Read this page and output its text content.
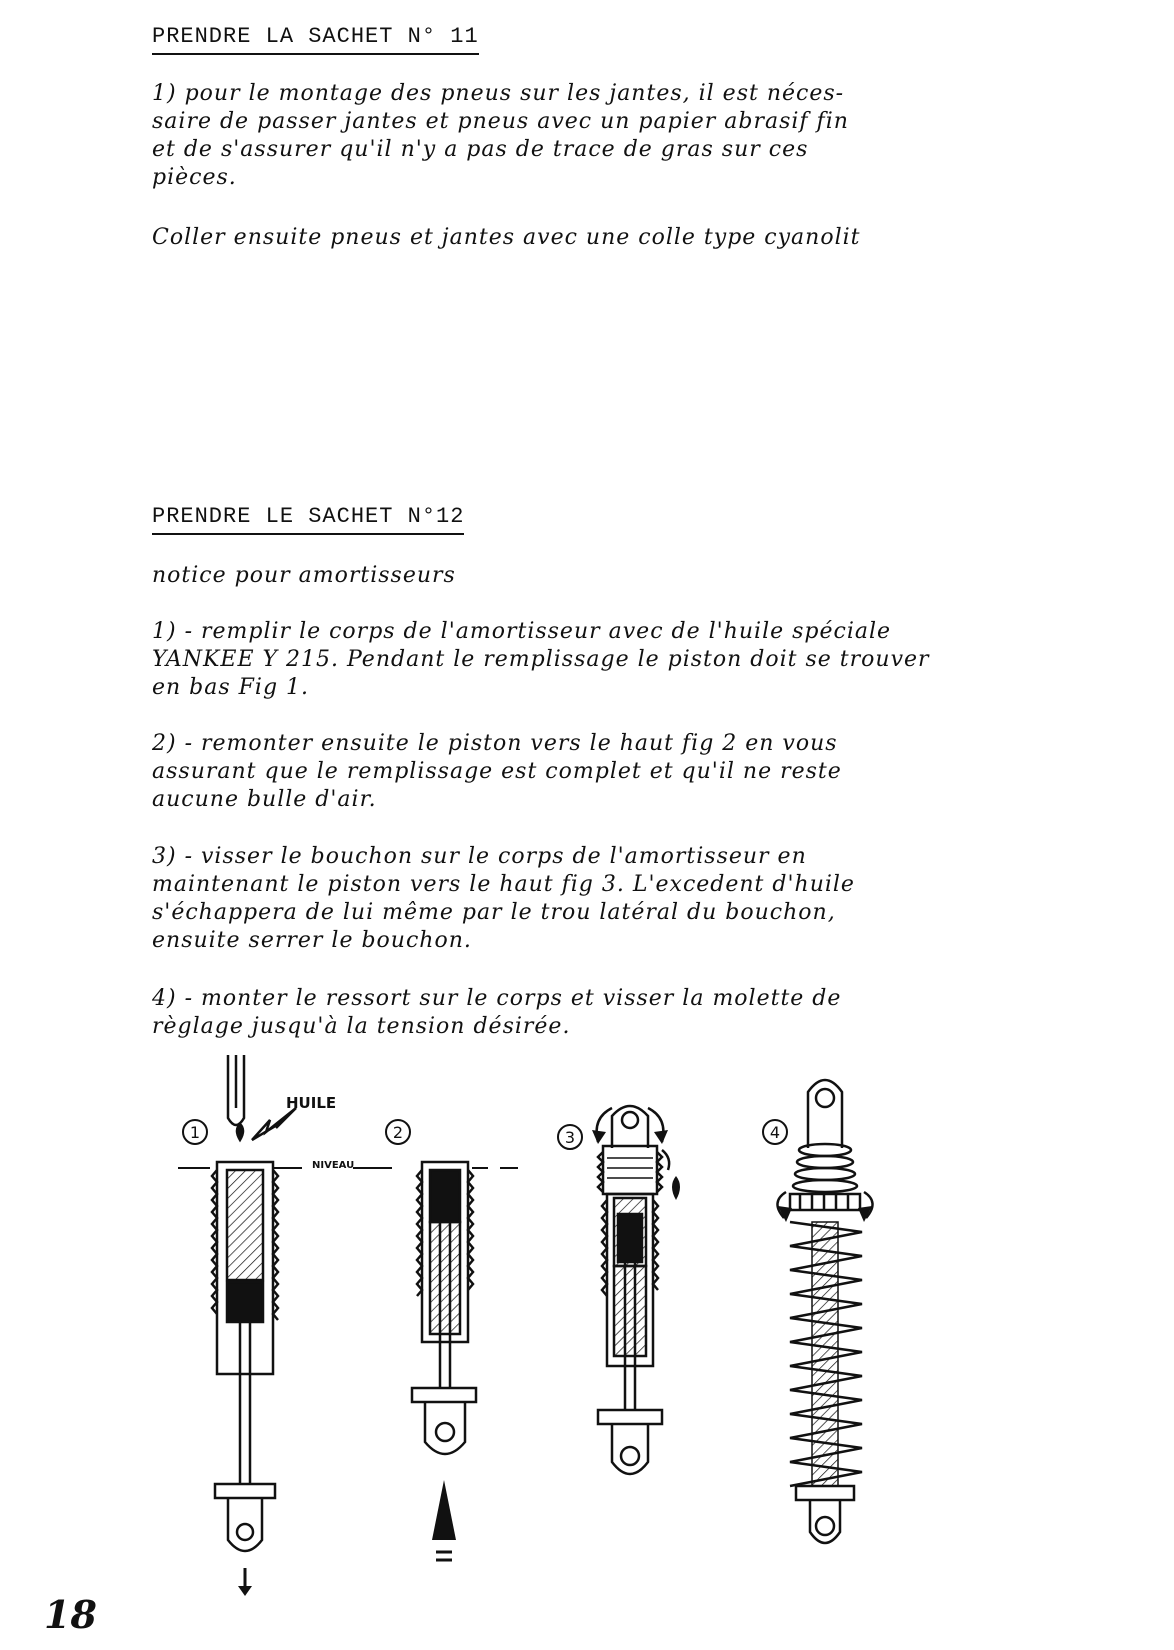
PRENDRE LA SACHET N° 11
1) pour le montage des pneus sur les jantes, il est néces-
saire de passer jantes et pneus avec un papier abrasif fin
et de s'assurer qu'il n'y a pas de trace de gras sur ces
pièces.
Coller ensuite pneus et jantes avec une colle type cyanolit
PRENDRE LE SACHET N°12
notice pour amortisseurs
1) - remplir le corps de l'amortisseur avec de l'huile spéciale
YANKEE Y 215. Pendant le remplissage le piston doit se trouver
en bas Fig 1.
2) - remonter ensuite le piston vers le haut fig 2 en vous
assurant que le remplissage est complet et qu'il ne reste
aucune bulle d'air.
3) - visser le bouchon sur le corps de l'amortisseur en
maintenant le piston vers le haut fig 3. L'excedent d'huile
s'échappera de lui même par le trou latéral du bouchon,
ensuite serrer le bouchon.
4) - monter le ressort sur le corps et visser la molette de
règlage jusqu'à la tension désirée.
NIVEAU
HUILE
1	2	3	4
18
